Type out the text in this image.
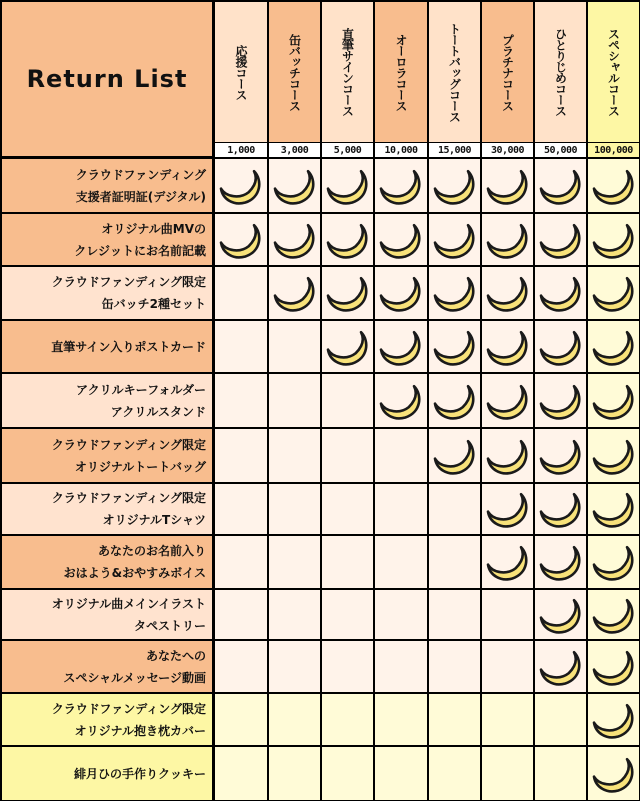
Return List	応援コース
1,000
缶バッチコース
3,000
直筆サインコース
5,000
オーロラコース
10,000
トートバッグコース
15,000
プラチナコース
30,000
ひとりじめコース
50,000
スペシャルコース
100,000
クラウドファンディング
支援者証明証(デジタル)
オリジナル曲MVの
クレジットにお名前記載
クラウドファンディング限定
缶バッチ2種セット
直筆サイン入りポストカード
アクリルキーフォルダー
アクリルスタンド
クラウドファンディング限定
オリジナルトートバッグ
クラウドファンディング限定
オリジナルTシャツ
あなたのお名前入り
おはよう&おやすみボイス
オリジナル曲メインイラスト
タペストリー
あなたへの
スペシャルメッセージ動画
クラウドファンディング限定
オリジナル抱き枕カバー
緋月ひの手作りクッキー
